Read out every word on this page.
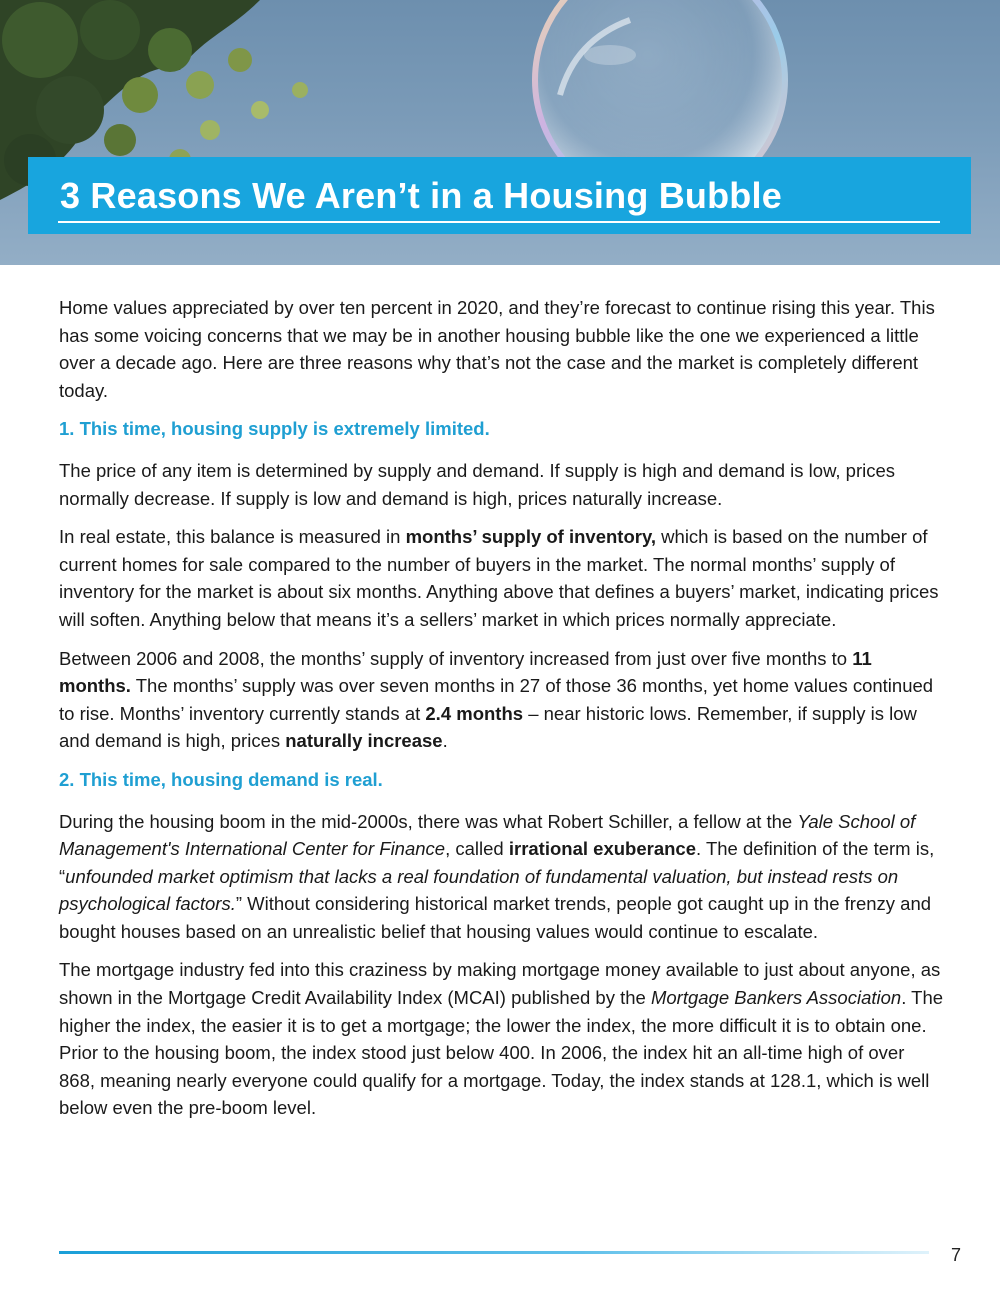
3 Reasons We Aren’t in a Housing Bubble

Home values appreciated by over ten percent in 2020, and they’re forecast to continue rising this year. This has some voicing concerns that we may be in another housing bubble like the one we experienced a little over a decade ago. Here are three reasons why that’s not the case and the market is completely different today.

1. This time, housing supply is extremely limited.

The price of any item is determined by supply and demand. If supply is high and demand is low, prices normally decrease. If supply is low and demand is high, prices naturally increase.

In real estate, this balance is measured in months’ supply of inventory, which is based on the number of current homes for sale compared to the number of buyers in the market. The normal months’ supply of inventory for the market is about six months. Anything above that defines a buyers’ market, indicating prices will soften. Anything below that means it’s a sellers’ market in which prices normally appreciate.

Between 2006 and 2008, the months’ supply of inventory increased from just over five months to 11 months. The months’ supply was over seven months in 27 of those 36 months, yet home values continued to rise. Months’ inventory currently stands at 2.4 months – near historic lows. Remember, if supply is low and demand is high, prices naturally increase.

2. This time, housing demand is real.

During the housing boom in the mid-2000s, there was what Robert Schiller, a fellow at the Yale School of Management's International Center for Finance, called irrational exuberance. The definition of the term is, “unfounded market optimism that lacks a real foundation of fundamental valuation, but instead rests on psychological factors.” Without considering historical market trends, people got caught up in the frenzy and bought houses based on an unrealistic belief that housing values would continue to escalate.

The mortgage industry fed into this craziness by making mortgage money available to just about anyone, as shown in the Mortgage Credit Availability Index (MCAI) published by the Mortgage Bankers Association. The higher the index, the easier it is to get a mortgage; the lower the index, the more difficult it is to obtain one. Prior to the housing boom, the index stood just below 400. In 2006, the index hit an all-time high of over 868, meaning nearly everyone could qualify for a mortgage. Today, the index stands at 128.1, which is well below even the pre-boom level.

7
